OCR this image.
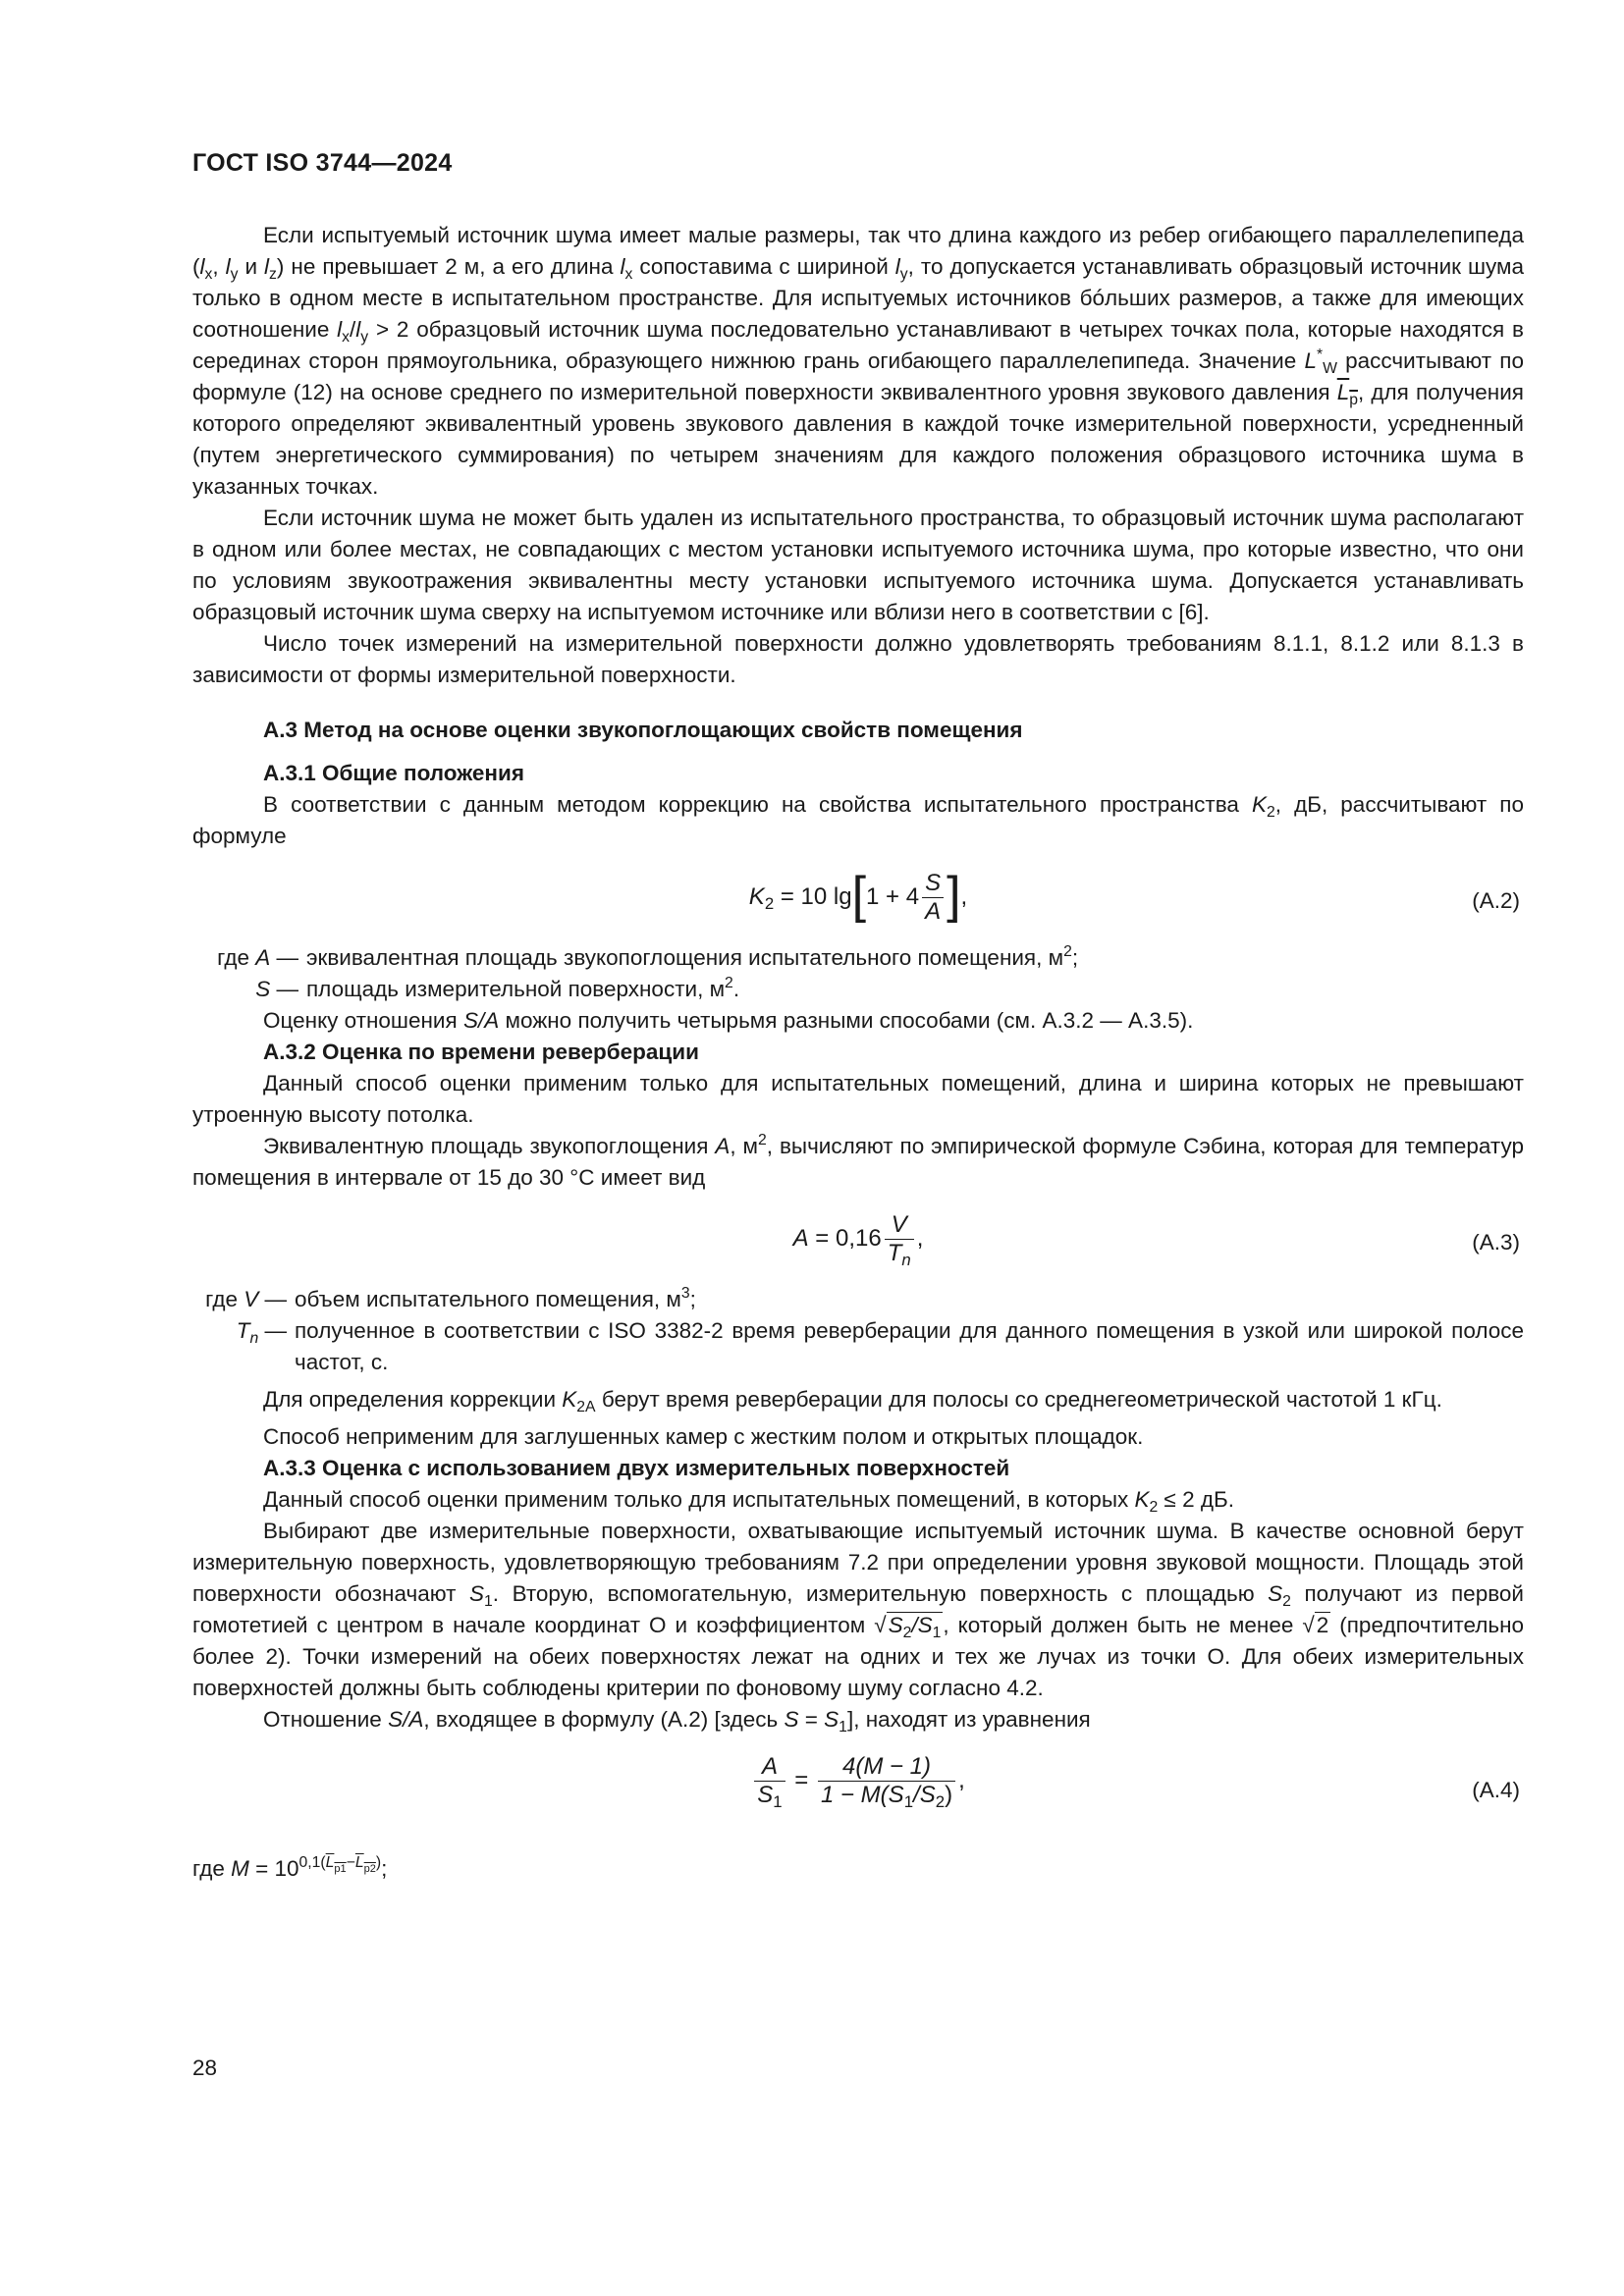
ГОСТ ISO 3744—2024

Если испытуемый источник шума имеет малые размеры, так что длина каждого из ребер огибающего параллелепипеда ($l_x$, $l_y$ и $l_z$) не превышает 2 м, а его длина $l_x$ сопоставима с шириной $l_y$, то допускается устанавливать образцовый источник шума только в одном месте в испытательном пространстве. Для испытуемых источников бóльших размеров, а также для имеющих соотношение $l_x/l_y > 2$ образцовый источник шума последовательно устанавливают в четырех точках пола, которые находятся в серединах сторон прямоугольника, образующего нижнюю грань огибающего параллелепипеда. Значение $L^*_W$ рассчитывают по формуле (12) на основе среднего по измерительной поверхности эквивалентного уровня звукового давления $L_p$, для получения которого определяют эквивалентный уровень звукового давления в каждой точке измерительной поверхности, усредненный (путем энергетического суммирования) по четырем значениям для каждого положения образцового источника шума в указанных точках.

Если источник шума не может быть удален из испытательного пространства, то образцовый источник шума располагают в одном или более местах, не совпадающих с местом установки испытуемого источника шума, про которые известно, что они по условиям звукоотражения эквивалентны месту установки испытуемого источника шума. Допускается устанавливать образцовый источник шума сверху на испытуемом источнике или вблизи него в соответствии с [6].

Число точек измерений на измерительной поверхности должно удовлетворять требованиям 8.1.1, 8.1.2 или 8.1.3 в зависимости от формы измерительной поверхности.

А.3 Метод на основе оценки звукопоглощающих свойств помещения

А.3.1 Общие положения

В соответствии с данным методом коррекцию на свойства испытательного пространства $K_2$, дБ, рассчитывают по формуле

$K_2 = 10$ $\lg[1 + 4 \frac{S}{A}$ ],	(А.2)
где A — эквивалентная площадь звукопоглощения испытательного помещения, $м^2$;
S — площадь измерительной поверхности, $м^2$.

Оценку отношения S/A можно получить четырьмя разными способами (см. А.3.2 — А.3.5).

А.3.2 Оценка по времени реверберации

Данный способ оценки применим только для испытательных помещений, длина и ширина которых не превышают утроенную высоту потолка.

Эквивалентную площадь звукопоглощения A, $м^2$, вычисляют по эмпирической формуле Сэбина, которая для температур помещения в интервале от 15 до 30 °С имеет вид

$A = 0,16 \frac{V}{T_n}$ ,	(А.3)
где V — объем испытательного помещения, $м^3$;
$T_n$ — полученное в соответствии с ISO 3382-2 время реверберации для данного помещения в узкой или широкой полосе частот, с.

Для определения коррекции $K_{2А}$ берут время реверберации для полосы со среднегеометрической частотой 1 кГц.

Способ неприменим для заглушенных камер с жестким полом и открытых площадок.

А.3.3 Оценка с использованием двух измерительных поверхностей

Данный способ оценки применим только для испытательных помещений, в которых $K_2 \le 2$ дБ.

Выбирают две измерительные поверхности, охватывающие испытуемый источник шума. В качестве основной берут измерительную поверхность, удовлетворяющую требованиям 7.2 при определении уровня звуковой мощности. Площадь этой поверхности обозначают $S_1$. Вторую, вспомогательную, измерительную поверхность с площадью $S_2$ получают из первой гомотетией с центром в начале координат О и коэффициентом $√S_2/S_1$, который должен быть не менее √2 (предпочтительно более 2). Точки измерений на обеих поверхностях лежат на одних и тех же лучах из точки О. Для обеих измерительных поверхностей должны быть соблюдены критерии по фоновому шуму согласно 4.2.

Отношение S/A, входящее в формулу (А.2) [здесь $S = S_1$], находят из уравнения

$\frac{A}{S_1} = \frac{4(M - 1)}{1 - M(S_1/S_2)}$ ,	(А.4)

где $M = 10^{0,1(L_{p1}-L_{p2})}$;

28
